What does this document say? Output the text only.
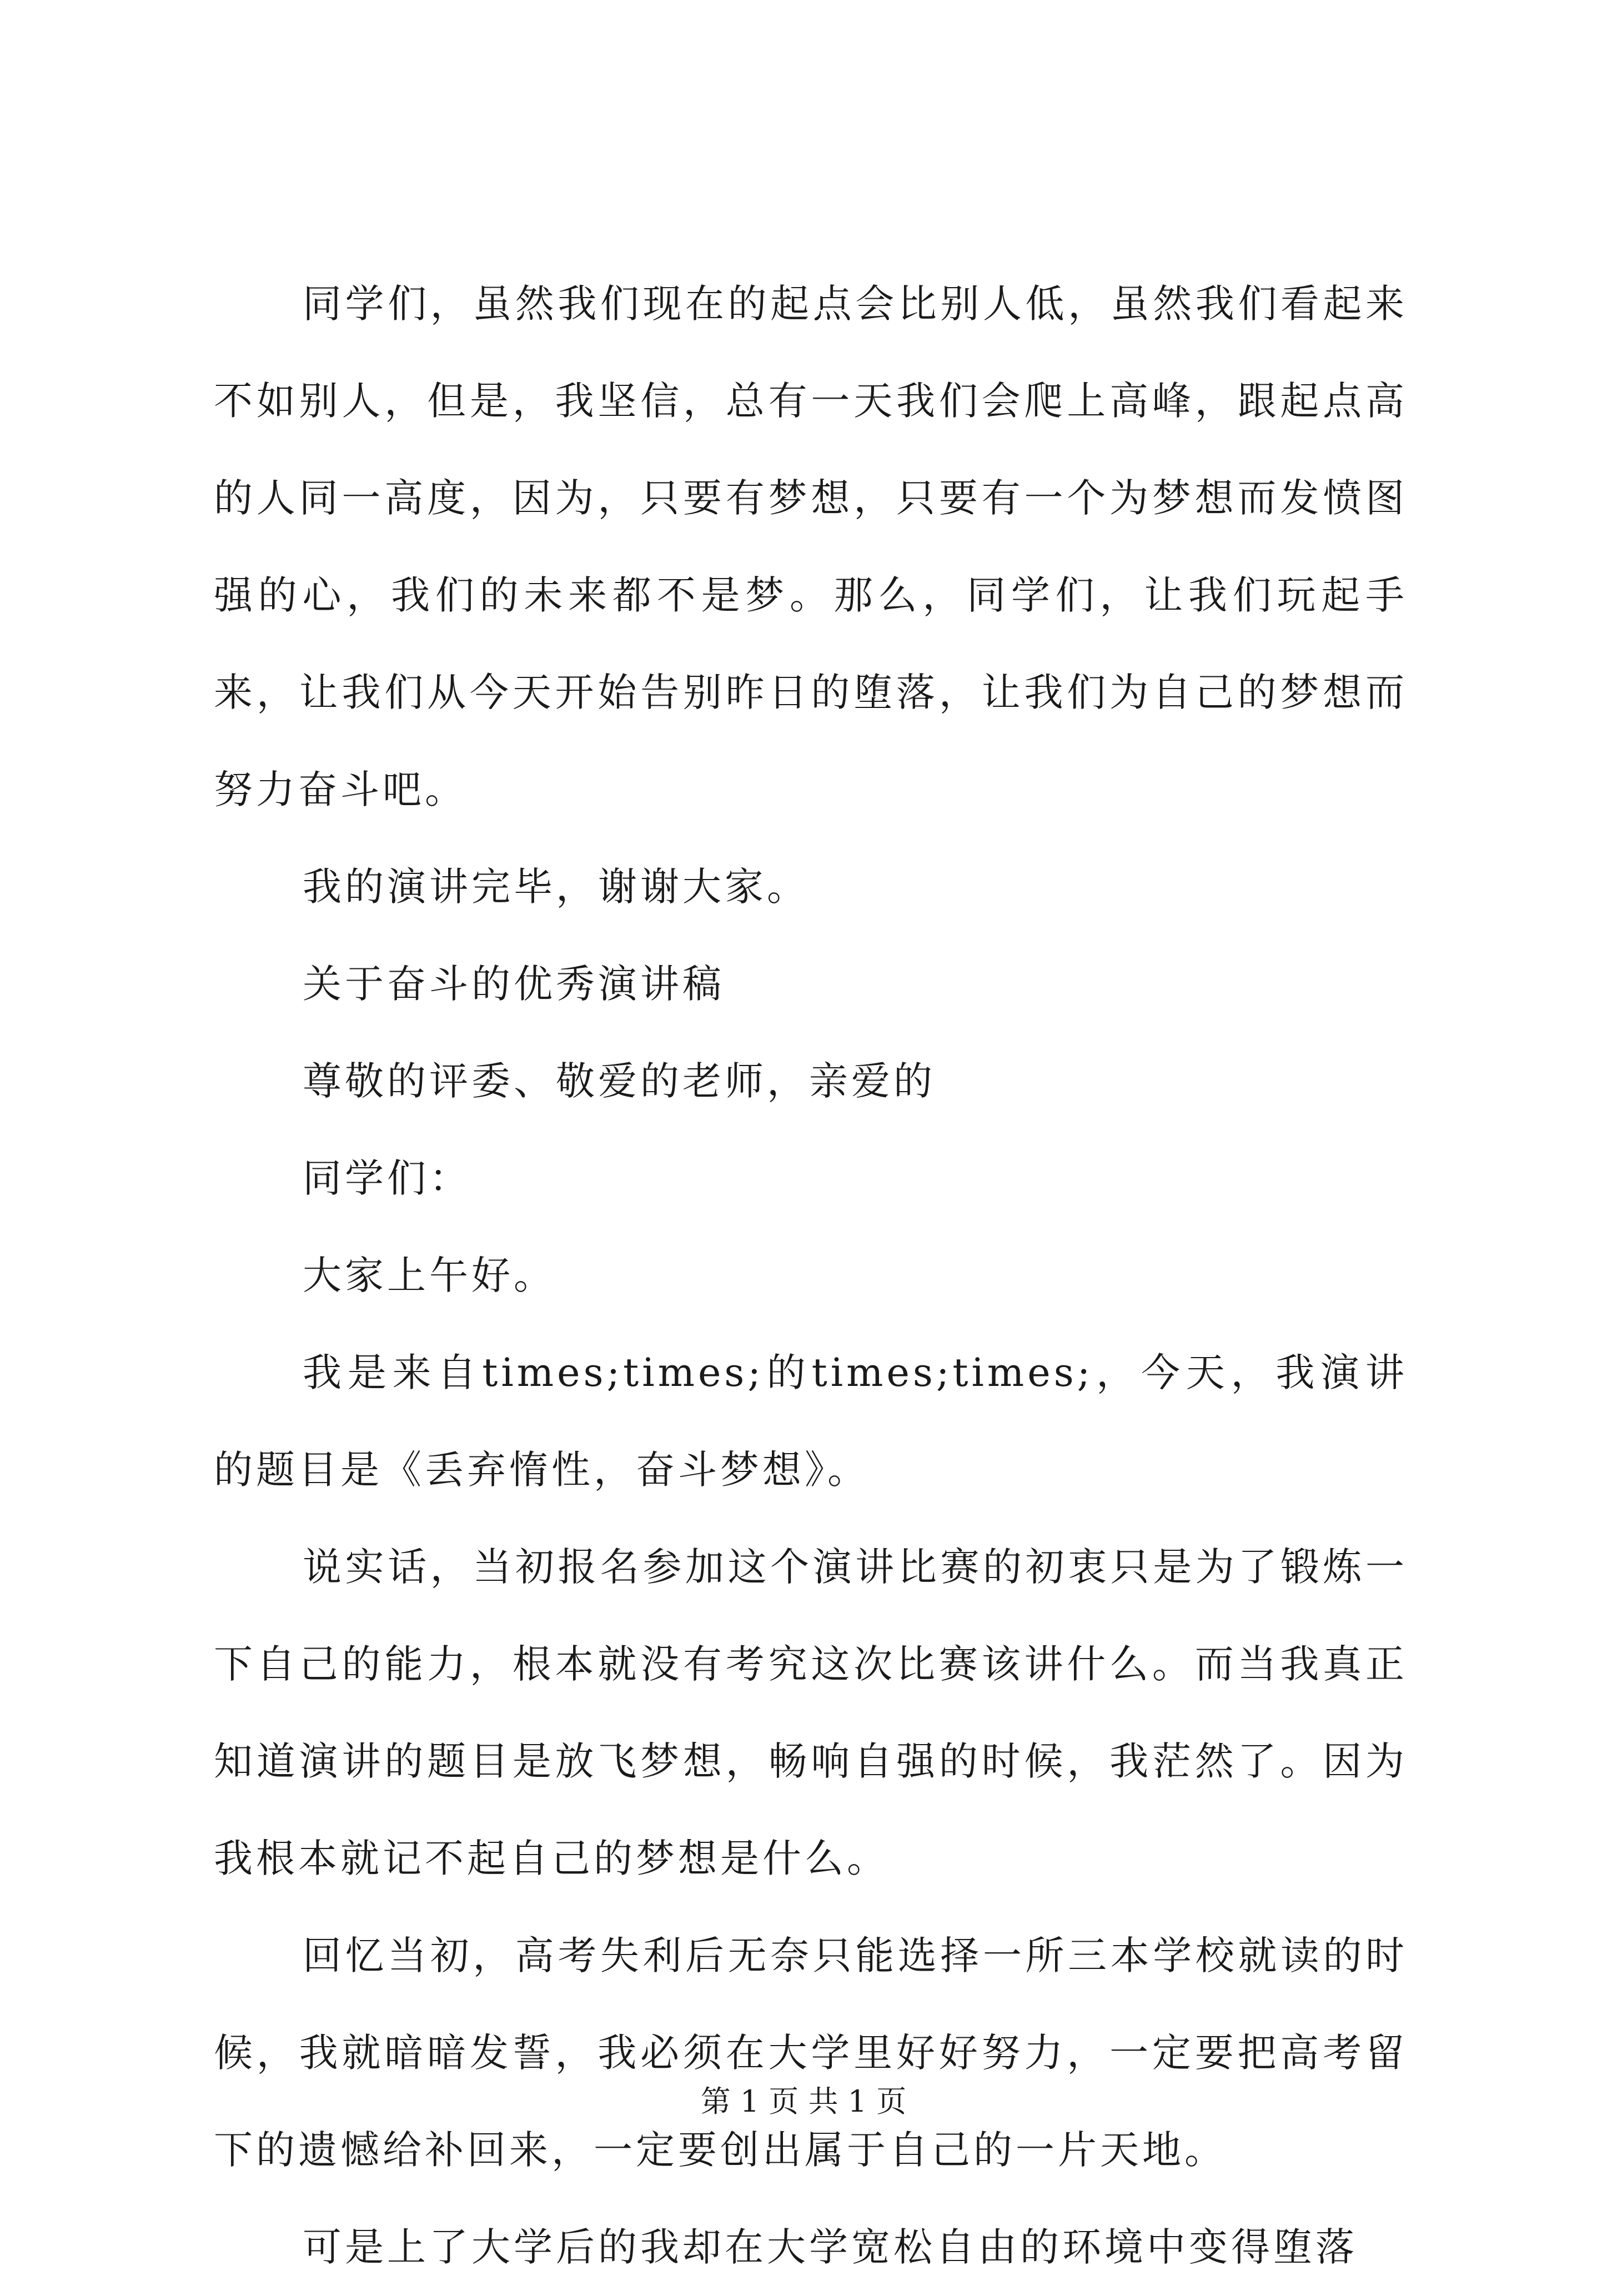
同学们，虽然我们现在的起点会比别人低，虽然我们看起来不如别人，但是，我坚信，总有一天我们会爬上高峰，跟起点高的人同一高度，因为，只要有梦想，只要有一个为梦想而发愤图强的心，我们的未来都不是梦。那么，同学们，让我们玩起手来，让我们从今天开始告别昨日的堕落，让我们为自己的梦想而努力奋斗吧。

我的演讲完毕，谢谢大家。

关于奋斗的优秀演讲稿

尊敬的评委、敬爱的老师，亲爱的

同学们：

大家上午好。

我是来自times;times;的times;times;，今天，我演讲的题目是《丢弃惰性，奋斗梦想》。

说实话，当初报名参加这个演讲比赛的初衷只是为了锻炼一下自己的能力，根本就没有考究这次比赛该讲什么。而当我真正知道演讲的题目是放飞梦想，畅响自强的时候，我茫然了。因为我根本就记不起自己的梦想是什么。

回忆当初，高考失利后无奈只能选择一所三本学校就读的时候，我就暗暗发誓，我必须在大学里好好努力，一定要把高考留下的遗憾给补回来，一定要创出属于自己的一片天地。

可是上了大学后的我却在大学宽松自由的环境中变得堕落

第 1 页 共 1 页
